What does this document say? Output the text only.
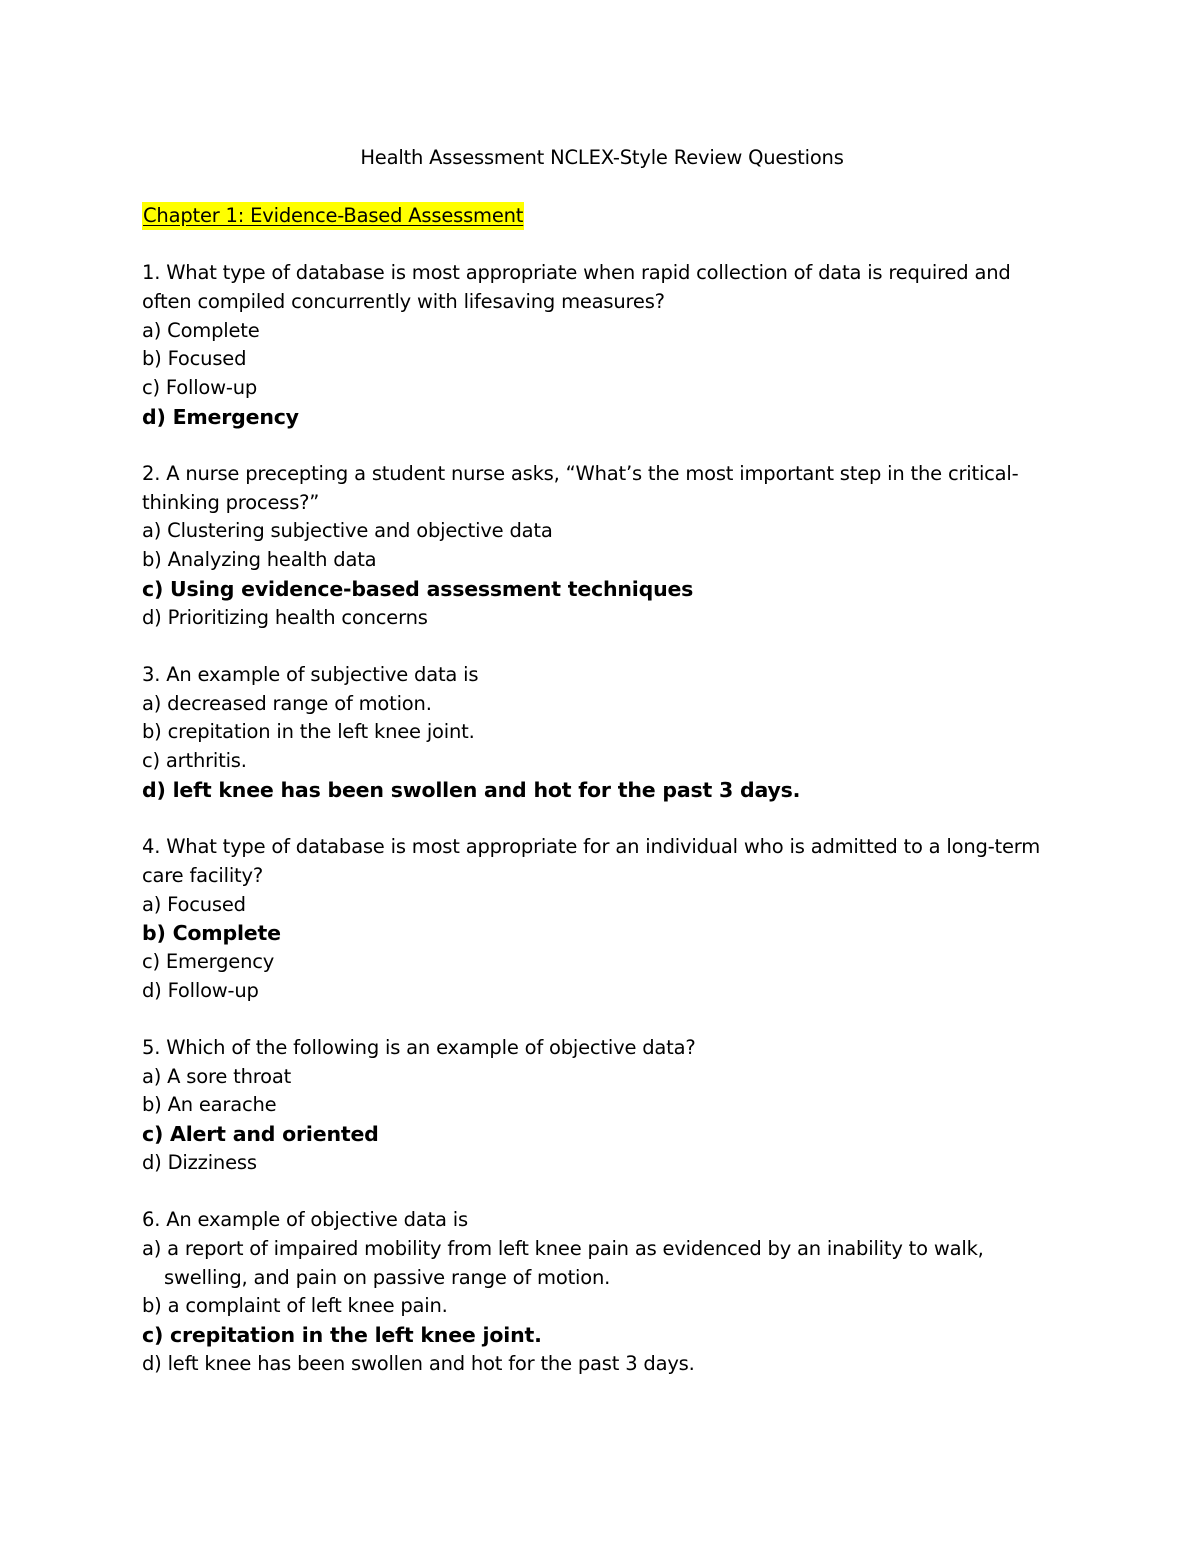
Health Assessment NCLEX-Style Review Questions

Chapter 1: Evidence-Based Assessment

1. What type of database is most appropriate when rapid collection of data is required and often compiled concurrently with lifesaving measures?

a) Complete

b) Focused

c) Follow-up

d) Emergency

2. A nurse precepting a student nurse asks, “What’s the most important step in the critical-thinking process?”

a) Clustering subjective and objective data

b) Analyzing health data

c) Using evidence-based assessment techniques

d) Prioritizing health concerns

3. An example of subjective data is

a) decreased range of motion.

b) crepitation in the left knee joint.

c) arthritis.

d) left knee has been swollen and hot for the past 3 days.

4. What type of database is most appropriate for an individual who is admitted to a long-term care facility?

a) Focused

b) Complete

c) Emergency

d) Follow-up

5. Which of the following is an example of objective data?

a) A sore throat

b) An earache

c) Alert and oriented

d) Dizziness

6. An example of objective data is

a) a report of impaired mobility from left knee pain as evidenced by an inability to walk, swelling, and pain on passive range of motion.

b) a complaint of left knee pain.

c) crepitation in the left knee joint.

d) left knee has been swollen and hot for the past 3 days.
